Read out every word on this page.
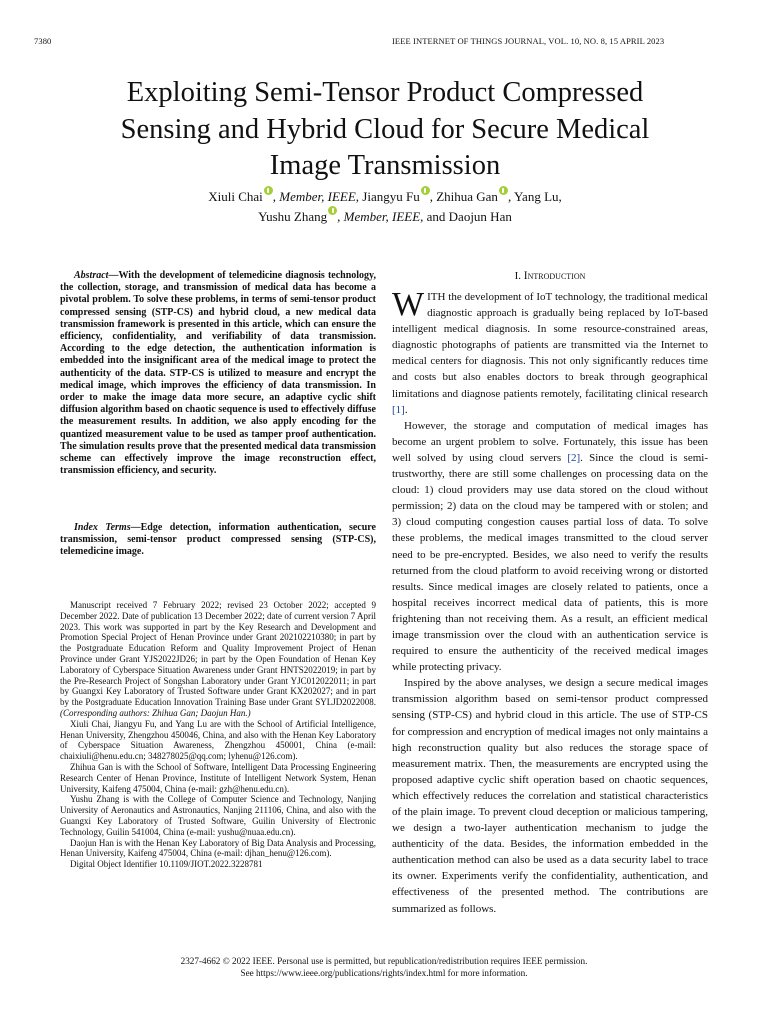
7380	IEEE INTERNET OF THINGS JOURNAL, VOL. 10, NO. 8, 15 APRIL 2023
Exploiting Semi-Tensor Product Compressed
Sensing and Hybrid Cloud for Secure Medical
Image Transmission
Xiuli Chai , Member, IEEE, Jiangyu Fu , Zhihua Gan , Yang Lu,
Yushu Zhang , Member, IEEE, and Daojun Han

Abstract—With the development of telemedicine diagnosis technology, the collection, storage, and transmission of medical data has become a pivotal problem. To solve these problems, in terms of semi-tensor product compressed sensing (STP-CS) and hybrid cloud, a new medical data transmission framework is presented in this article, which can ensure the efficiency, confidentiality, and verifiability of data transmission. According to the edge detection, the authentication information is embedded into the insignificant area of the medical image to protect the authenticity of the data. STP-CS is utilized to measure and encrypt the medical image, which improves the efficiency of data transmission. In order to make the image data more secure, an adaptive cyclic shift diffusion algorithm based on chaotic sequence is used to effectively diffuse the measurement results. In addition, we also apply encoding for the quantized measurement value to be used as tamper proof authentication. The simulation results prove that the presented medical data transmission scheme can effectively improve the image reconstruction effect, transmission efficiency, and security.

Index Terms—Edge detection, information authentication, secure transmission, semi-tensor product compressed sensing (STP-CS), telemedicine image.

Manuscript received 7 February 2022; revised 23 October 2022; accepted 9 December 2022. Date of publication 13 December 2022; date of current version 7 April 2023. This work was supported in part by the Key Research and Development and Promotion Special Project of Henan Province under Grant 202102210380; in part by the Postgraduate Education Reform and Quality Improvement Project of Henan Province under Grant YJS2022JD26; in part by the Open Foundation of Henan Key Laboratory of Cyberspace Situation Awareness under Grant HNTS2022019; in part by the Pre-Research Project of Songshan Laboratory under Grant YJC012022011; in part by Guangxi Key Laboratory of Trusted Software under Grant KX202027; and in part by the Postgraduate Education Innovation Training Base under Grant SYLJD2022008. (Corresponding authors: Zhihua Gan; Daojun Han.)

Xiuli Chai, Jiangyu Fu, and Yang Lu are with the School of Artificial Intelligence, Henan University, Zhengzhou 450046, China, and also with the Henan Key Laboratory of Cyberspace Situation Awareness, Zhengzhou 450001, China (e-mail: chaixiuli@henu.edu.cn; 348278025@qq.com; lyhenu@126.com).

Zhihua Gan is with the School of Software, Intelligent Data Processing Engineering Research Center of Henan Province, Institute of Intelligent Network System, Henan University, Kaifeng 475004, China (e-mail: gzh@henu.edu.cn).

Yushu Zhang is with the College of Computer Science and Technology, Nanjing University of Aeronautics and Astronautics, Nanjing 211106, China, and also with the Guangxi Key Laboratory of Trusted Software, Guilin University of Electronic Technology, Guilin 541004, China (e-mail: yushu@nuaa.edu.cn).

Daojun Han is with the Henan Key Laboratory of Big Data Analysis and Processing, Henan University, Kaifeng 475004, China (e-mail: djhan_henu@126.com).

Digital Object Identifier 10.1109/JIOT.2022.3228781

I. Introduction

WITH the development of IoT technology, the traditional medical diagnostic approach is gradually being replaced by IoT-based intelligent medical diagnosis. In some resource-constrained areas, diagnostic photographs of patients are transmitted via the Internet to medical centers for diagnosis. This not only significantly reduces time and costs but also enables doctors to break through geographical limitations and diagnose patients remotely, facilitating clinical research [1].

However, the storage and computation of medical images has become an urgent problem to solve. Fortunately, this issue has been well solved by using cloud servers [2]. Since the cloud is semi-trustworthy, there are still some challenges on processing data on the cloud: 1) cloud providers may use data stored on the cloud without permission; 2) data on the cloud may be tampered with or stolen; and 3) cloud computing congestion causes partial loss of data. To solve these problems, the medical images transmitted to the cloud server need to be pre-encrypted. Besides, we also need to verify the results returned from the cloud platform to avoid receiving wrong or distorted results. Since medical images are closely related to patients, once a hospital receives incorrect medical data of patients, this is more frightening than not receiving them. As a result, an efficient medical image transmission over the cloud with an authentication service is required to ensure the authenticity of the received medical images while protecting privacy.

Inspired by the above analyses, we design a secure medical images transmission algorithm based on semi-tensor product compressed sensing (STP-CS) and hybrid cloud in this article. The use of STP-CS for compression and encryption of medical images not only maintains a high reconstruction quality but also reduces the storage space of measurement matrix. Then, the measurements are encrypted using the proposed adaptive cyclic shift operation based on chaotic sequences, which effectively reduces the correlation and statistical characteristics of the plain image. To prevent cloud deception or malicious tampering, we design a two-layer authentication mechanism to judge the authenticity of the data. Besides, the information embedded in the authentication method can also be used as a data security label to trace its owner. Experiments verify the confidentiality, authentication, and effectiveness of the presented method. The contributions are summarized as follows.

2327-4662 © 2022 IEEE. Personal use is permitted, but republication/redistribution requires IEEE permission.
See https://www.ieee.org/publications/rights/index.html for more information.
